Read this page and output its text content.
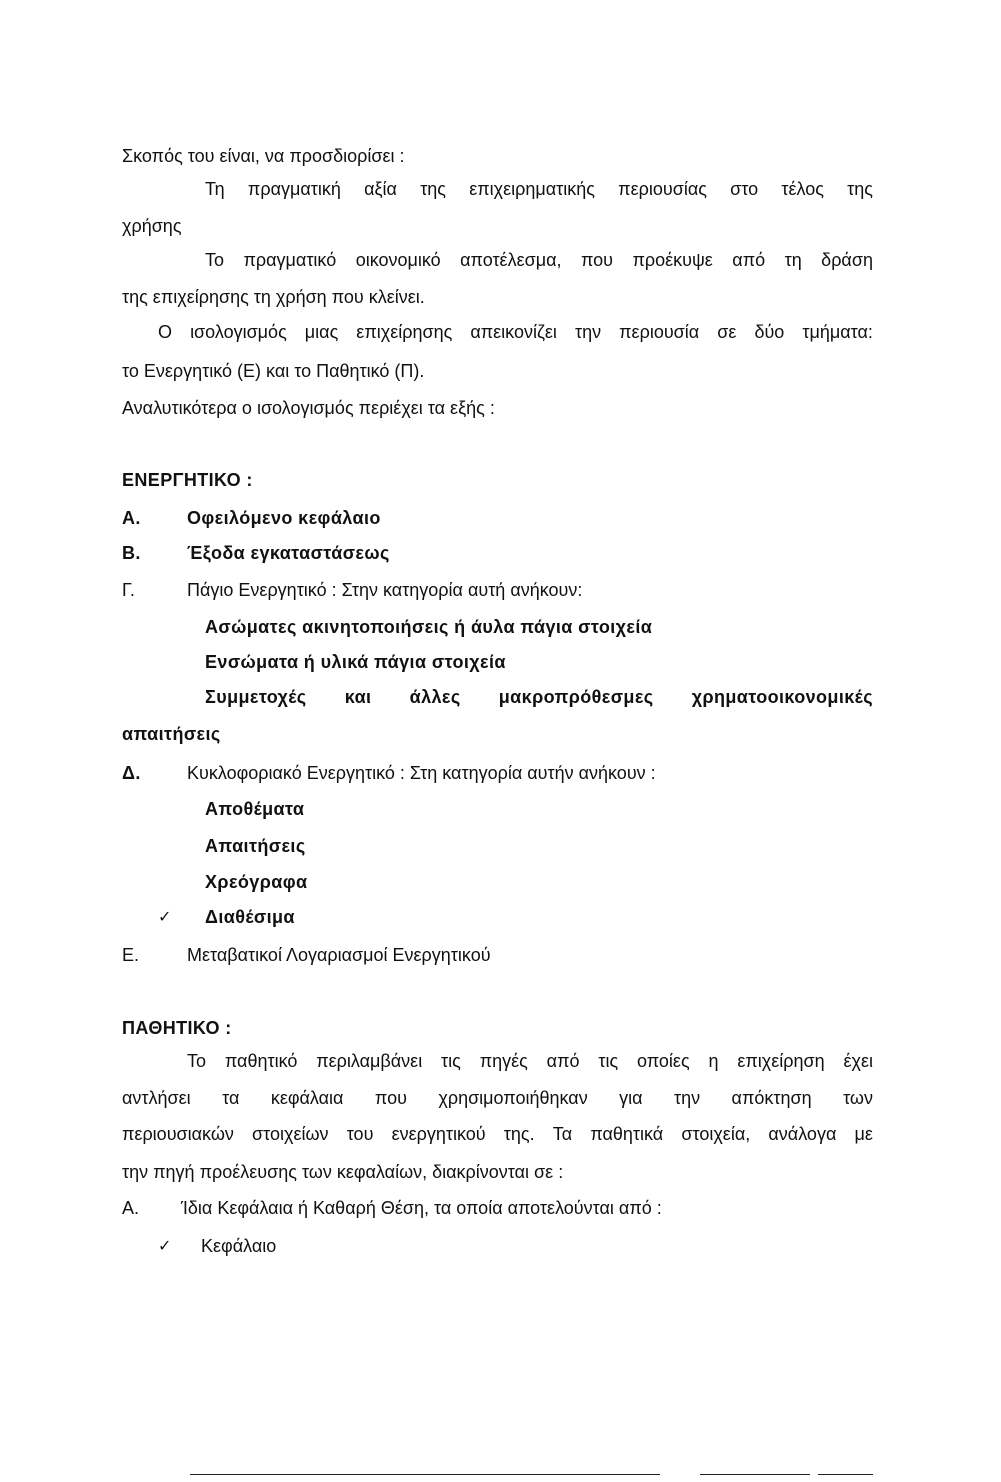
Σκοπός του είναι, να προσδιορίσει :
Τη πραγματική αξία της επιχειρηματικής περιουσίας στο τέλος της
χρήσης
Το πραγματικό οικονομικό αποτέλεσμα, που προέκυψε από τη δράση
της επιχείρησης τη χρήση που κλείνει.
Ο ισολογισμός μιας επιχείρησης απεικονίζει την περιουσία σε δύο τμήματα:
το Ενεργητικό (Ε) και το Παθητικό (Π).
Αναλυτικότερα ο ισολογισμός περιέχει τα εξής :
ΕΝΕΡΓΗΤΙΚΟ :
Α.	Οφειλόμενο κεφάλαιο
Β.	Έξοδα εγκαταστάσεως
Γ.	Πάγιο Ενεργητικό : Στην κατηγορία αυτή ανήκουν:
Ασώματες ακινητοποιήσεις ή άυλα πάγια στοιχεία
Ενσώματα ή υλικά πάγια στοιχεία
Συμμετοχές και άλλες μακροπρόθεσμες χρηματοοικονομικές
απαιτήσεις
Δ.	Κυκλοφοριακό Ενεργητικό : Στη κατηγορία αυτήν ανήκουν :
Αποθέματα
Απαιτήσεις
Χρεόγραφα
✓ Διαθέσιμα
Ε.	Μεταβατικοί Λογαριασμοί Ενεργητικού
ΠΑΘΗΤΙΚΟ :
Το παθητικό περιλαμβάνει τις πηγές από τις οποίες η επιχείρηση έχει
αντλήσει τα κεφάλαια που χρησιμοποιήθηκαν για την απόκτηση των
περιουσιακών στοιχείων του ενεργητικού της. Τα παθητικά στοιχεία, ανάλογα με
την πηγή προέλευσης των κεφαλαίων, διακρίνονται σε :
Α. Ίδια Κεφάλαια ή Καθαρή Θέση, τα οποία αποτελούνται από :
✓ Κεφάλαιο
